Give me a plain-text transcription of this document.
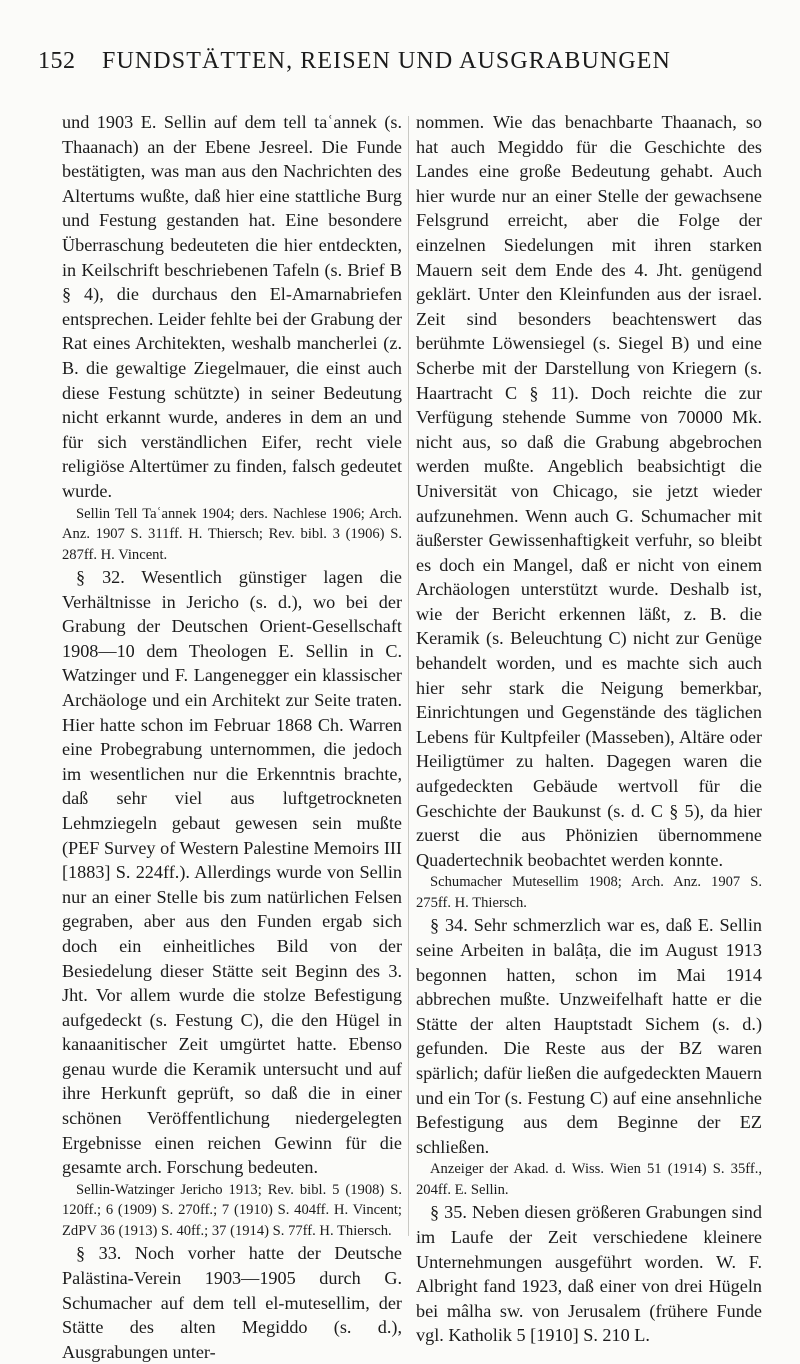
152 FUNDSTÄTTEN, REISEN UND AUSGRABUNGEN

und 1903 E. Sellin auf dem tell taʿannek (s. Thaanach) an der Ebene Jesreel. Die Funde bestätigten, was man aus den Nachrichten des Altertums wußte, daß hier eine stattliche Burg und Festung gestanden hat. Eine besondere Überraschung bedeuteten die hier entdeckten, in Keilschrift beschriebenen Tafeln (s. Brief B § 4), die durchaus den El-Amarnabriefen entsprechen. Leider fehlte bei der Grabung der Rat eines Architekten, weshalb mancherlei (z. B. die gewaltige Ziegelmauer, die einst auch diese Festung schützte) in seiner Bedeutung nicht erkannt wurde, anderes in dem an und für sich verständlichen Eifer, recht viele religiöse Altertümer zu finden, falsch gedeutet wurde.

Sellin Tell Taʿannek 1904; ders. Nachlese 1906; Arch. Anz. 1907 S. 311ff. H. Thiersch; Rev. bibl. 3 (1906) S. 287ff. H. Vincent.

§ 32. Wesentlich günstiger lagen die Verhältnisse in Jericho (s. d.), wo bei der Grabung der Deutschen Orient-Gesellschaft 1908—10 dem Theologen E. Sellin in C. Watzinger und F. Langenegger ein klassischer Archäologe und ein Architekt zur Seite traten. Hier hatte schon im Februar 1868 Ch. Warren eine Probegrabung unternommen, die jedoch im wesentlichen nur die Erkenntnis brachte, daß sehr viel aus luftgetrockneten Lehmziegeln gebaut gewesen sein mußte (PEF Survey of Western Palestine Memoirs III [1883] S. 224ff.). Allerdings wurde von Sellin nur an einer Stelle bis zum natürlichen Felsen gegraben, aber aus den Funden ergab sich doch ein einheitliches Bild von der Besiedelung dieser Stätte seit Beginn des 3. Jht. Vor allem wurde die stolze Befestigung aufgedeckt (s. Festung C), die den Hügel in kanaanitischer Zeit umgürtet hatte. Ebenso genau wurde die Keramik untersucht und auf ihre Herkunft geprüft, so daß die in einer schönen Veröffentlichung niedergelegten Ergebnisse einen reichen Gewinn für die gesamte arch. Forschung bedeuten.

Sellin-Watzinger Jericho 1913; Rev. bibl. 5 (1908) S. 120ff.; 6 (1909) S. 270ff.; 7 (1910) S. 404ff. H. Vincent; ZdPV 36 (1913) S. 40ff.; 37 (1914) S. 77ff. H. Thiersch.

§ 33. Noch vorher hatte der Deutsche Palästina-Verein 1903—1905 durch G. Schumacher auf dem tell el-mutesellim, der Stätte des alten Megiddo (s. d.), Ausgrabungen unter-

nommen. Wie das benachbarte Thaanach, so hat auch Megiddo für die Geschichte des Landes eine große Bedeutung gehabt. Auch hier wurde nur an einer Stelle der gewachsene Felsgrund erreicht, aber die Folge der einzelnen Siedelungen mit ihren starken Mauern seit dem Ende des 4. Jht. genügend geklärt. Unter den Kleinfunden aus der israel. Zeit sind besonders beachtenswert das berühmte Löwensiegel (s. Siegel B) und eine Scherbe mit der Darstellung von Kriegern (s. Haartracht C § 11). Doch reichte die zur Verfügung stehende Summe von 70000 Mk. nicht aus, so daß die Grabung abgebrochen werden mußte. Angeblich beabsichtigt die Universität von Chicago, sie jetzt wieder aufzunehmen. Wenn auch G. Schumacher mit äußerster Gewissenhaftigkeit verfuhr, so bleibt es doch ein Mangel, daß er nicht von einem Archäologen unterstützt wurde. Deshalb ist, wie der Bericht erkennen läßt, z. B. die Keramik (s. Beleuchtung C) nicht zur Genüge behandelt worden, und es machte sich auch hier sehr stark die Neigung bemerkbar, Einrichtungen und Gegenstände des täglichen Lebens für Kultpfeiler (Masseben), Altäre oder Heiligtümer zu halten. Dagegen waren die aufgedeckten Gebäude wertvoll für die Geschichte der Baukunst (s. d. C § 5), da hier zuerst die aus Phönizien übernommene Quadertechnik beobachtet werden konnte.

Schumacher Mutesellim 1908; Arch. Anz. 1907 S. 275ff. H. Thiersch.

§ 34. Sehr schmerzlich war es, daß E. Sellin seine Arbeiten in balâṭa, die im August 1913 begonnen hatten, schon im Mai 1914 abbrechen mußte. Unzweifelhaft hatte er die Stätte der alten Hauptstadt Sichem (s. d.) gefunden. Die Reste aus der BZ waren spärlich; dafür ließen die aufgedeckten Mauern und ein Tor (s. Festung C) auf eine ansehnliche Befestigung aus dem Beginne der EZ schließen.

Anzeiger der Akad. d. Wiss. Wien 51 (1914) S. 35ff., 204ff. E. Sellin.

§ 35. Neben diesen größeren Grabungen sind im Laufe der Zeit verschiedene kleinere Unternehmungen ausgeführt worden. W. F. Albright fand 1923, daß einer von drei Hügeln bei mâlha sw. von Jerusalem (frühere Funde vgl. Katholik 5 [1910] S. 210 L.
